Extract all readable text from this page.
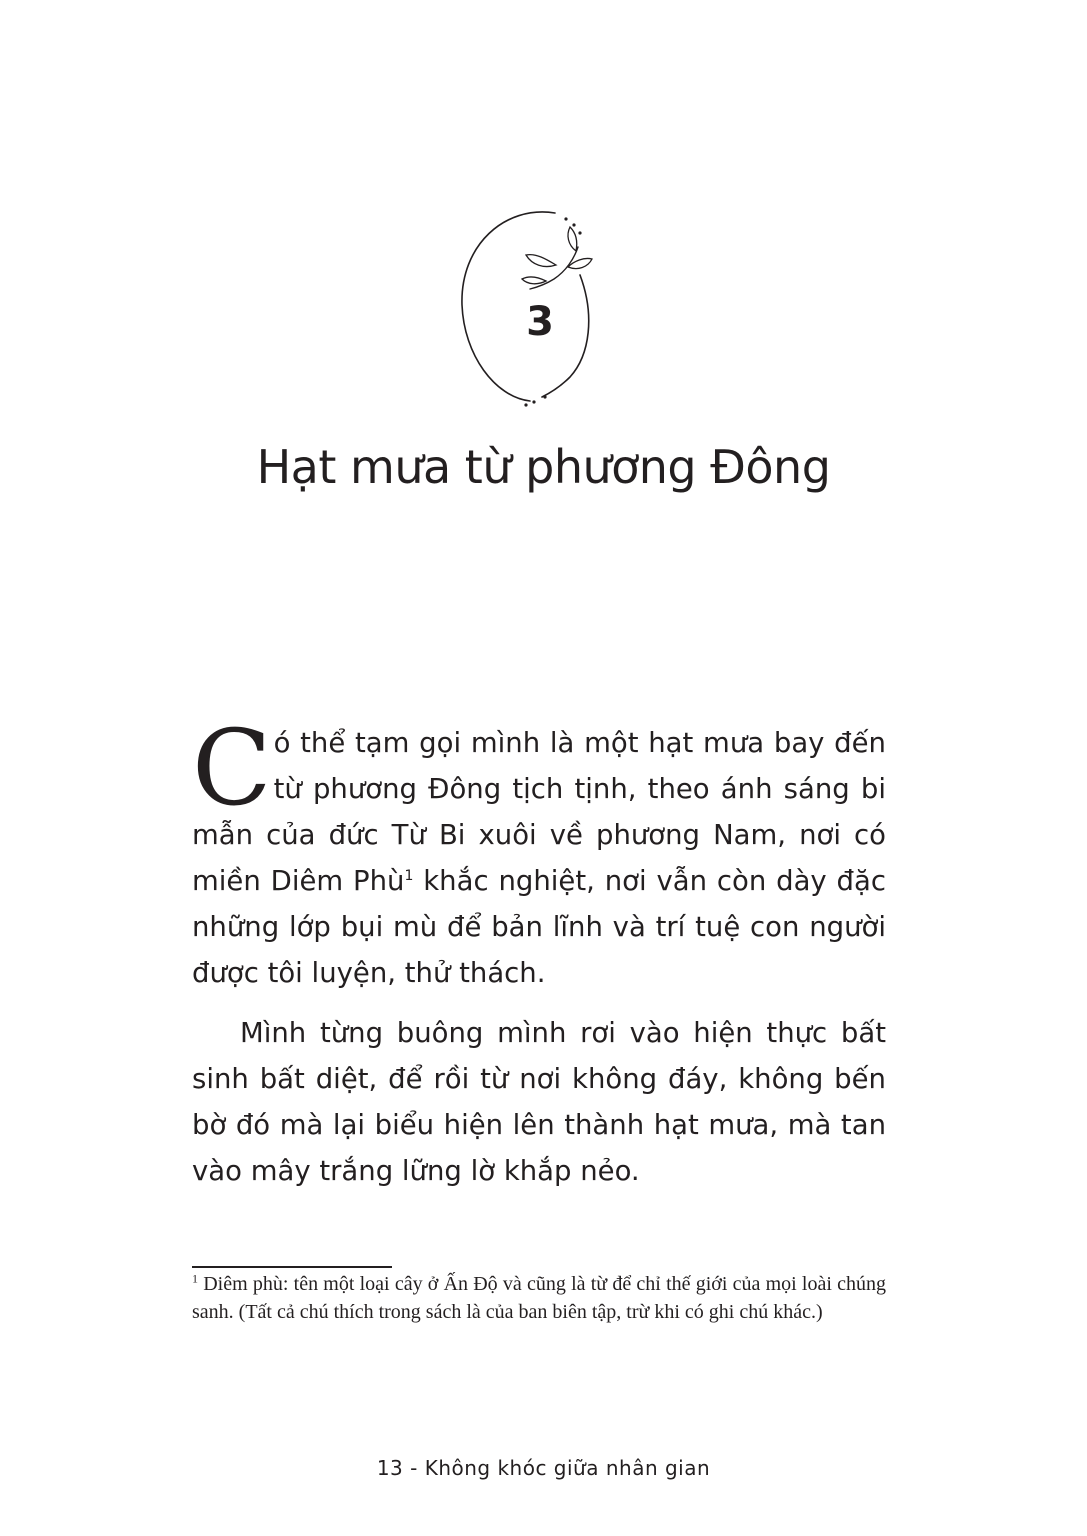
3
Hạt mưa từ phương Đông

Có thể tạm gọi mình là một hạt mưa bay đến từ phương Đông tịch tịnh, theo ánh sáng bi mẫn của đức Từ Bi xuôi về phương Nam, nơi có miền Diêm Phù$^1$ khắc nghiệt, nơi vẫn còn dày đặc những lớp bụi mù để bản lĩnh và trí tuệ con người được tôi luyện, thử thách.

Mình từng buông mình rơi vào hiện thực bất sinh bất diệt, để rồi từ nơi không đáy, không bến bờ đó mà lại biểu hiện lên thành hạt mưa, mà tan vào mây trắng lững lờ khắp nẻo.

$^1$ Diêm phù: tên một loại cây ở Ấn Độ và cũng là từ để chỉ thế giới của mọi loài chúng sanh. (Tất cả chú thích trong sách là của ban biên tập, trừ khi có ghi chú khác.)
13 - Không khóc giữa nhân gian
